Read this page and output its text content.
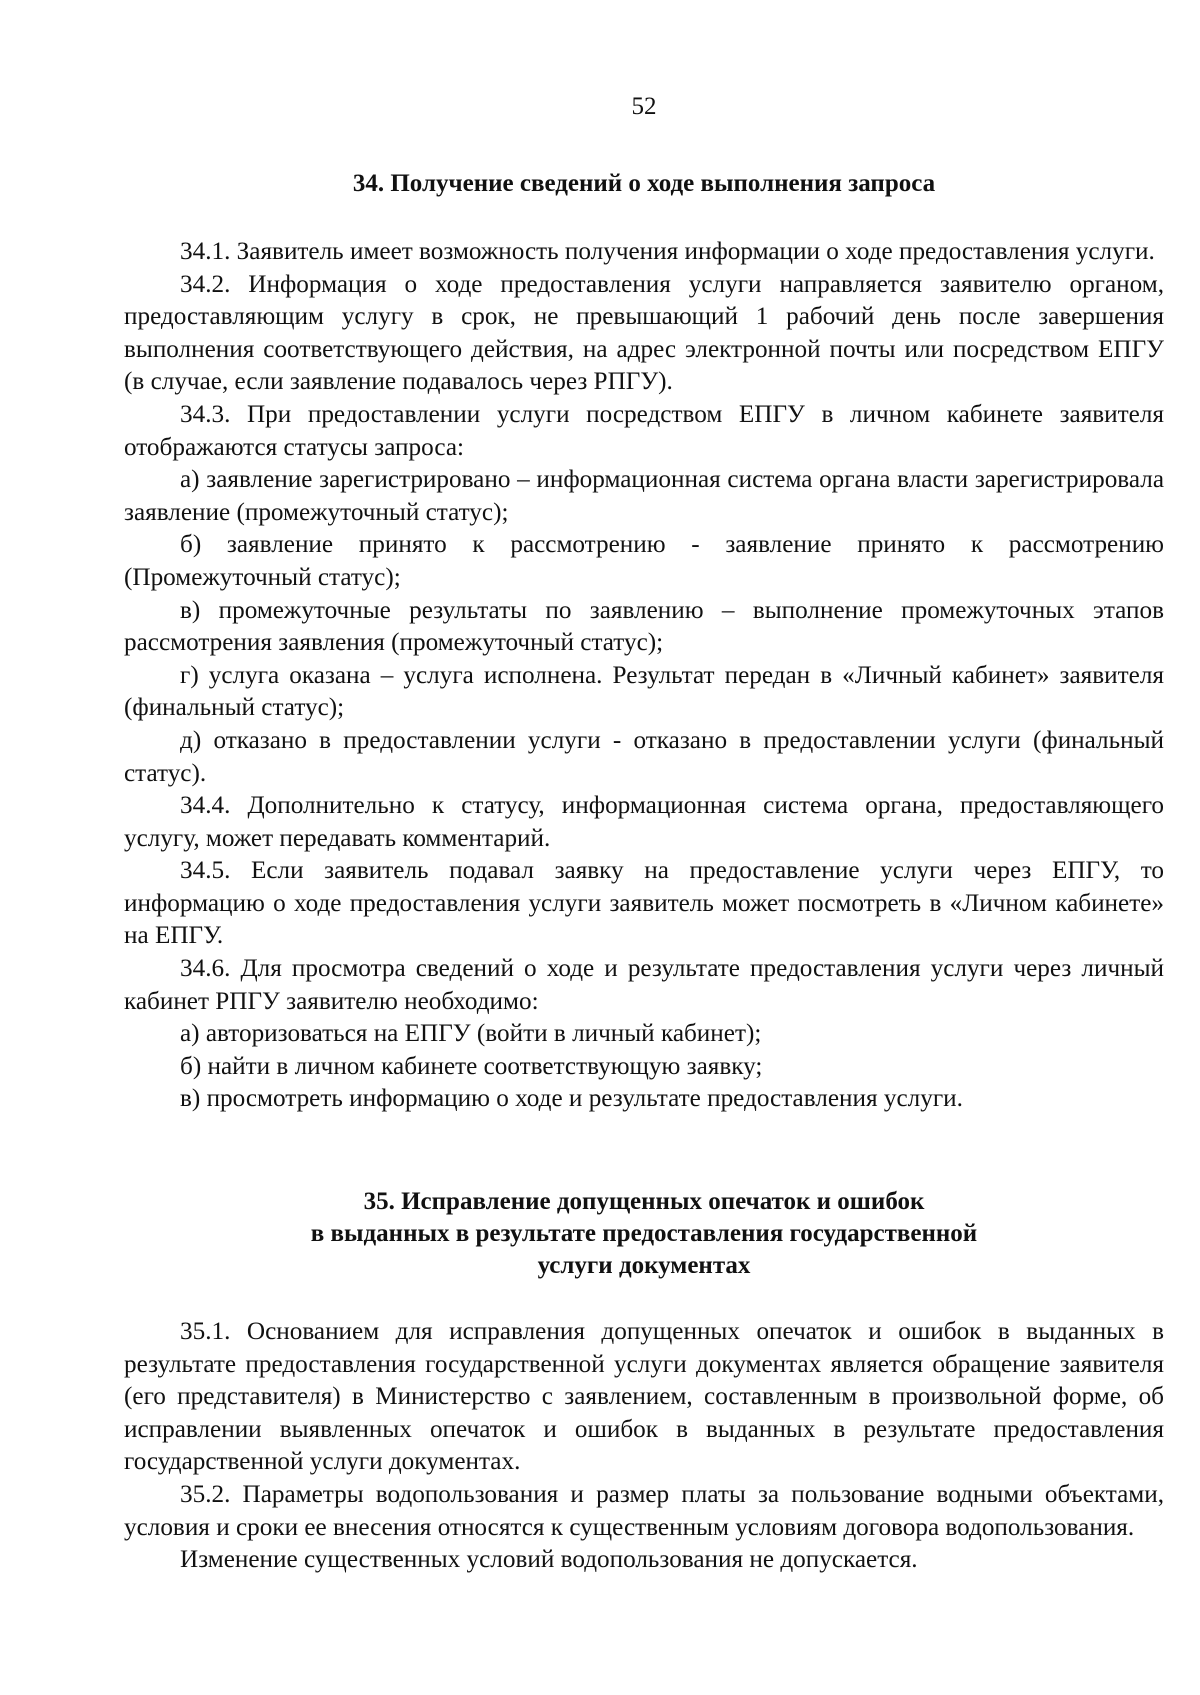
52
34. Получение сведений о ходе выполнения запроса

34.1. Заявитель имеет возможность получения информации о ходе предоставления услуги.

34.2. Информация о ходе предоставления услуги направляется заявителю органом, предоставляющим услугу в срок, не превышающий 1 рабочий день после завершения выполнения соответствующего действия, на адрес электронной почты или посредством ЕПГУ (в случае, если заявление подавалось через РПГУ).

34.3. При предоставлении услуги посредством ЕПГУ в личном кабинете заявителя отображаются статусы запроса:

а) заявление зарегистрировано – информационная система органа власти зарегистрировала заявление (промежуточный статус);

б) заявление принято к рассмотрению - заявление принято к рассмотрению (Промежуточный статус);

в) промежуточные результаты по заявлению – выполнение промежуточных этапов рассмотрения заявления (промежуточный статус);

г) услуга оказана – услуга исполнена. Результат передан в «Личный кабинет» заявителя (финальный статус);

д) отказано в предоставлении услуги - отказано в предоставлении услуги (финальный статус).

34.4. Дополнительно к статусу, информационная система органа, предоставляющего услугу, может передавать комментарий.

34.5. Если заявитель подавал заявку на предоставление услуги через ЕПГУ, то информацию о ходе предоставления услуги заявитель может посмотреть в «Личном кабинете» на ЕПГУ.

34.6. Для просмотра сведений о ходе и результате предоставления услуги через личный кабинет РПГУ заявителю необходимо:

а) авторизоваться на ЕПГУ (войти в личный кабинет);

б) найти в личном кабинете соответствующую заявку;

в) просмотреть информацию о ходе и результате предоставления услуги.

35. Исправление допущенных опечаток и ошибок
в выданных в результате предоставления государственной
услуги документах

35.1. Основанием для исправления допущенных опечаток и ошибок в выданных в результате предоставления государственной услуги документах является обращение заявителя (его представителя) в Министерство с заявлением, составленным в произвольной форме, об исправлении выявленных опечаток и ошибок в выданных в результате предоставления государственной услуги документах.

35.2. Параметры водопользования и размер платы за пользование водными объектами, условия и сроки ее внесения относятся к существенным условиям договора водопользования.

Изменение существенных условий водопользования не допускается.
